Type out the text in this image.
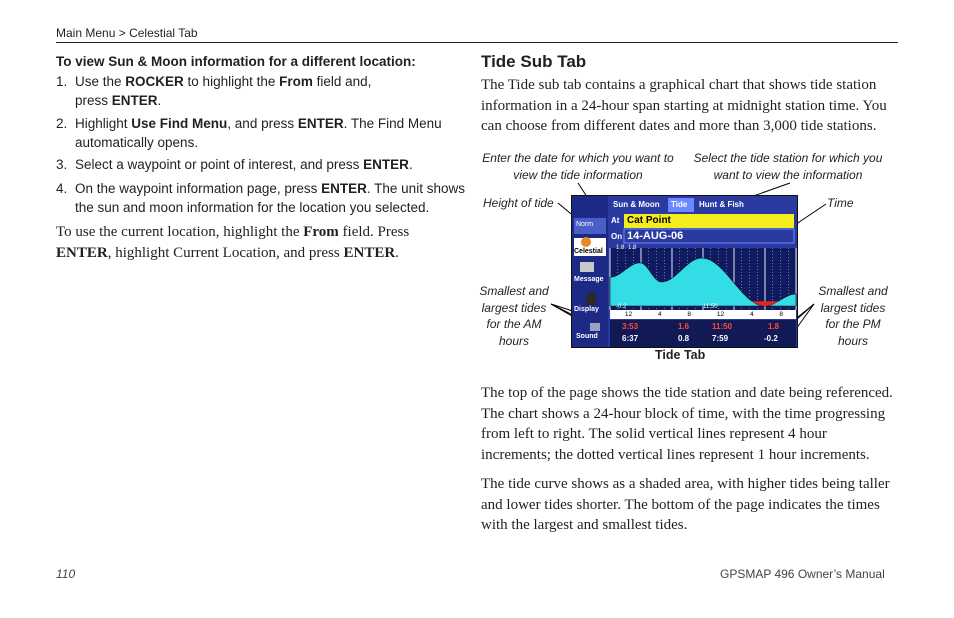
Main Menu > Celestial Tab
To view Sun & Moon information for a different location:
1. Use the ROCKER to highlight the From field and,
press ENTER.
2. Highlight Use Find Menu, and press ENTER. The Find Menu automatically opens.
3. Select a waypoint or point of interest, and press ENTER.
4. On the waypoint information page, press ENTER. The unit shows the sun and moon information for the location you selected.
To use the current location, highlight the From field. Press ENTER, highlight Current Location, and press ENTER.
Tide Sub Tab
The Tide sub tab contains a graphical chart that shows tide station information in a 24-hour span starting at midnight station time. You can choose from different dates and more than 3,000 tide stations.
Enter the date for which you want to view the tide information
Select the tide station for which you want to view the information
Height of tide	Time
Smallest and largest tides for the AM hours
Smallest and largest tides for the PM hours
Sun & Moon Tide Hunt & Fish
Norm
Celestial
Message
Display
Sound
At Cat Point
On 14-AUG-06
1.8 1.8
-0.2	11:50
12	4	8	12	4	8
3:53	1.6	11:50	1.8
6:37	0.8	7:59	-0.2
Tide Tab
The top of the page shows the tide station and date being referenced. The chart shows a 24-hour block of time, with the time progressing from left to right. The solid vertical lines represent 4 hour increments; the dotted vertical lines represent 1 hour increments.
The tide curve shows as a shaded area, with higher tides being taller and lower tides shorter. The bottom of the page indicates the times with the largest and smallest tides.
110	GPSMAP 496 Owner’s Manual
